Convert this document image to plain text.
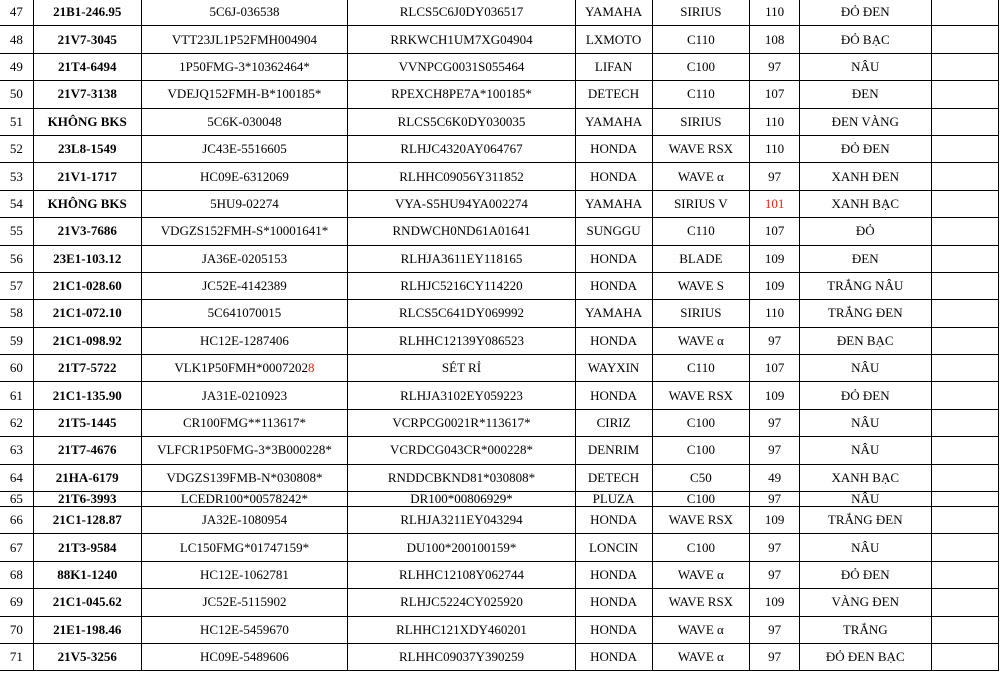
47	21B1-246.95	5C6J-036538	RLCS5C6J0DY036517	YAMAHA	SIRIUS	110	ĐỎ ĐEN	
48	21V7-3045	VTT23JL1P52FMH004904	RRKWCH1UM7XG04904	LXMOTO	C110	108	ĐỎ BẠC	
49	21T4-6494	1P50FMG-3*10362464*	VVNPCG0031S055464	LIFAN	C100	97	NÂU	
50	21V7-3138	VDEJQ152FMH-B*100185*	RPEXCH8PE7A*100185*	DETECH	C110	107	ĐEN	
51	KHÔNG BKS	5C6K-030048	RLCS5C6K0DY030035	YAMAHA	SIRIUS	110	ĐEN VÀNG	
52	23L8-1549	JC43E-5516605	RLHJC4320AY064767	HONDA	WAVE RSX	110	ĐỎ ĐEN	
53	21V1-1717	HC09E-6312069	RLHHC09056Y311852	HONDA	WAVE α	97	XANH ĐEN	
54	KHÔNG BKS	5HU9-02274	VYA-S5HU94YA002274	YAMAHA	SIRIUS V	101	XANH BẠC	
55	21V3-7686	VDGZS152FMH-S*10001641*	RNDWCH0ND61A01641	SUNGGU	C110	107	ĐỎ	
56	23E1-103.12	JA36E-0205153	RLHJA3611EY118165	HONDA	BLADE	109	ĐEN	
57	21C1-028.60	JC52E-4142389	RLHJC5216CY114220	HONDA	WAVE S	109	TRẮNG NÂU	
58	21C1-072.10	5C641070015	RLCS5C641DY069992	YAMAHA	SIRIUS	110	TRẮNG ĐEN	
59	21C1-098.92	HC12E-1287406	RLHHC12139Y086523	HONDA	WAVE α	97	ĐEN BẠC	
60	21T7-5722	VLK1P50FMH*00072028	SÉT RỈ	WAYXIN	C110	107	NÂU	
61	21C1-135.90	JA31E-0210923	RLHJA3102EY059223	HONDA	WAVE RSX	109	ĐỎ ĐEN	
62	21T5-1445	CR100FMG**113617*	VCRPCG0021R*113617*	CIRIZ	C100	97	NÂU	
63	21T7-4676	VLFCR1P50FMG-3*3B000228*	VCRDCG043CR*000228*	DENRIM	C100	97	NÂU	
64	21HA-6179	VDGZS139FMB-N*030808*	RNDDCBKND81*030808*	DETECH	C50	49	XANH BẠC	
65	21T6-3993	LCEDR100*00578242*	DR100*00806929*	PLUZA	C100	97	NÂU	
66	21C1-128.87	JA32E-1080954	RLHJA3211EY043294	HONDA	WAVE RSX	109	TRẮNG ĐEN	
67	21T3-9584	LC150FMG*01747159*	DU100*200100159*	LONCIN	C100	97	NÂU	
68	88K1-1240	HC12E-1062781	RLHHC12108Y062744	HONDA	WAVE α	97	ĐỎ ĐEN	
69	21C1-045.62	JC52E-5115902	RLHJC5224CY025920	HONDA	WAVE RSX	109	VÀNG ĐEN	
70	21E1-198.46	HC12E-5459670	RLHHC121XDY460201	HONDA	WAVE α	97	TRẮNG	
71	21V5-3256	HC09E-5489606	RLHHC09037Y390259	HONDA	WAVE α	97	ĐỎ ĐEN BẠC	
